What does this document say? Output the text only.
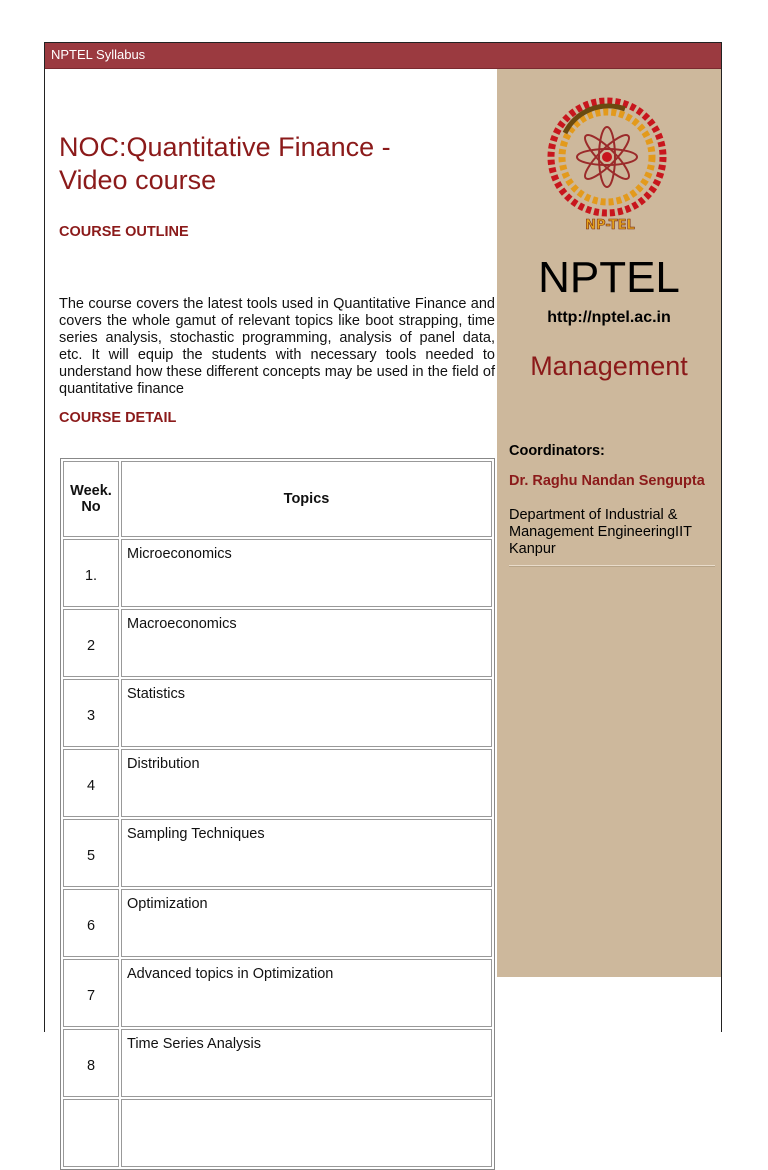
NPTEL Syllabus
NOC:Quantitative Finance - Video course
COURSE OUTLINE
The course covers the latest tools used in Quantitative Finance and covers the whole gamut of relevant topics like boot strapping, time series analysis, stochastic programming, analysis of panel data, etc. It will equip the students with necessary tools needed to understand how these different concepts may be used in the field of quantitative finance
COURSE DETAIL
Week. No	Topics
1.	Microeconomics
2	Macroeconomics
3	Statistics
4	Distribution
5	Sampling Techniques
6	Optimization
7	Advanced topics in Optimization
8	Time Series Analysis

NP-TEL
NPTEL
http://nptel.ac.in
Management
Coordinators:
Dr. Raghu Nandan Sengupta
Department of Industrial & Management EngineeringIIT Kanpur
